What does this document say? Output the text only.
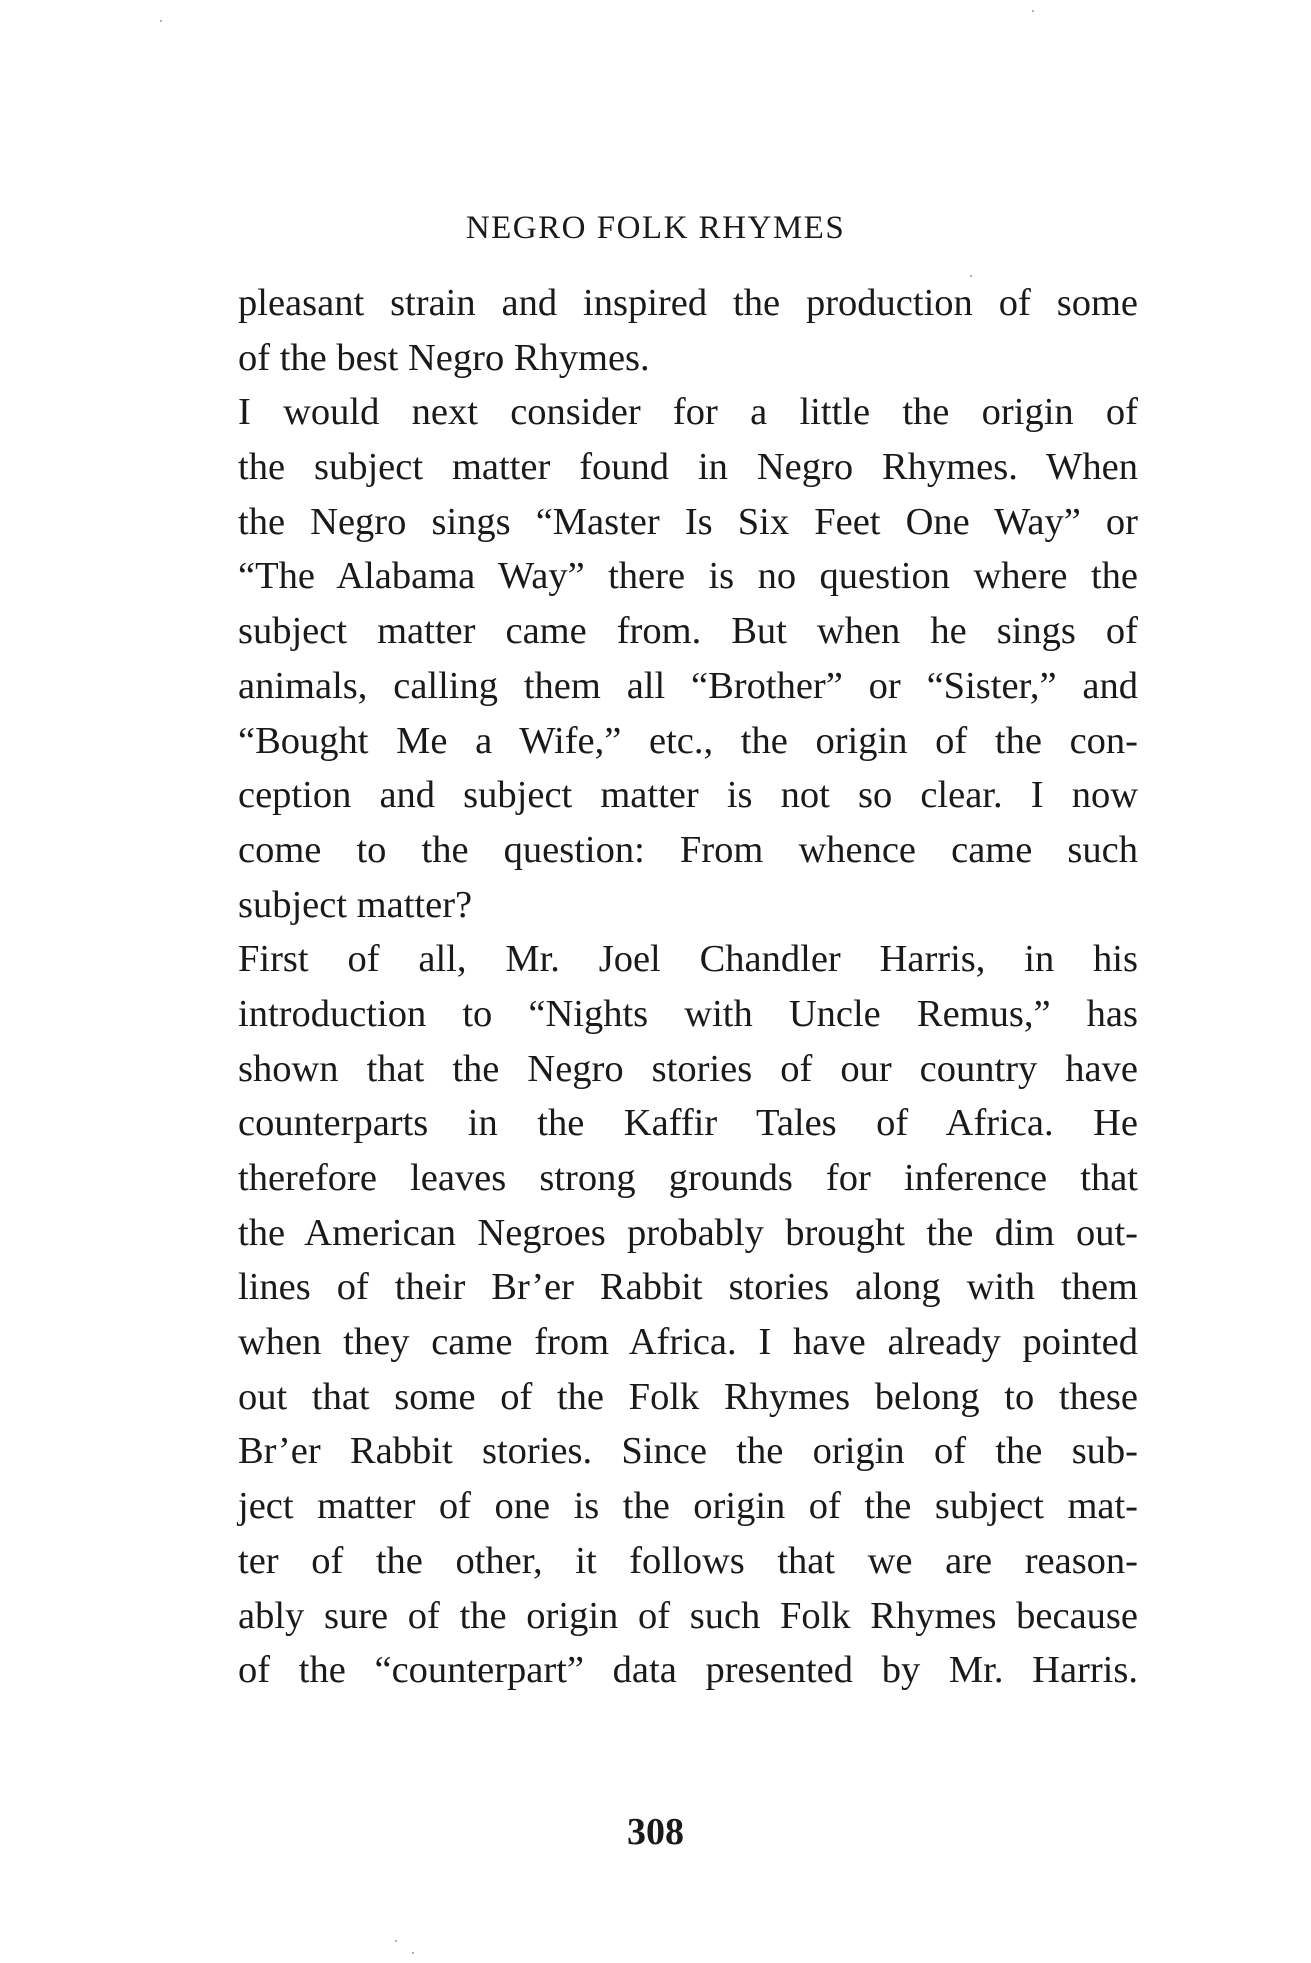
NEGRO FOLK RHYMES
pleasant strain and inspired the production of some
of the best Negro Rhymes.
I would next consider for a little the origin of
the subject matter found in Negro Rhymes. When
the Negro sings “Master Is Six Feet One Way” or
“The Alabama Way” there is no question where the
subject matter came from. But when he sings of
animals, calling them all “Brother” or “Sister,” and
“Bought Me a Wife,” etc., the origin of the con-
ception and subject matter is not so clear. I now
come to the question: From whence came such
subject matter?
First of all, Mr. Joel Chandler Harris, in his
introduction to “Nights with Uncle Remus,” has
shown that the Negro stories of our country have
counterparts in the Kaffir Tales of Africa. He
therefore leaves strong grounds for inference that
the American Negroes probably brought the dim out-
lines of their Br’er Rabbit stories along with them
when they came from Africa. I have already pointed
out that some of the Folk Rhymes belong to these
Br’er Rabbit stories. Since the origin of the sub-
ject matter of one is the origin of the subject mat-
ter of the other, it follows that we are reason-
ably sure of the origin of such Folk Rhymes because
of the “counterpart” data presented by Mr. Harris.
308
